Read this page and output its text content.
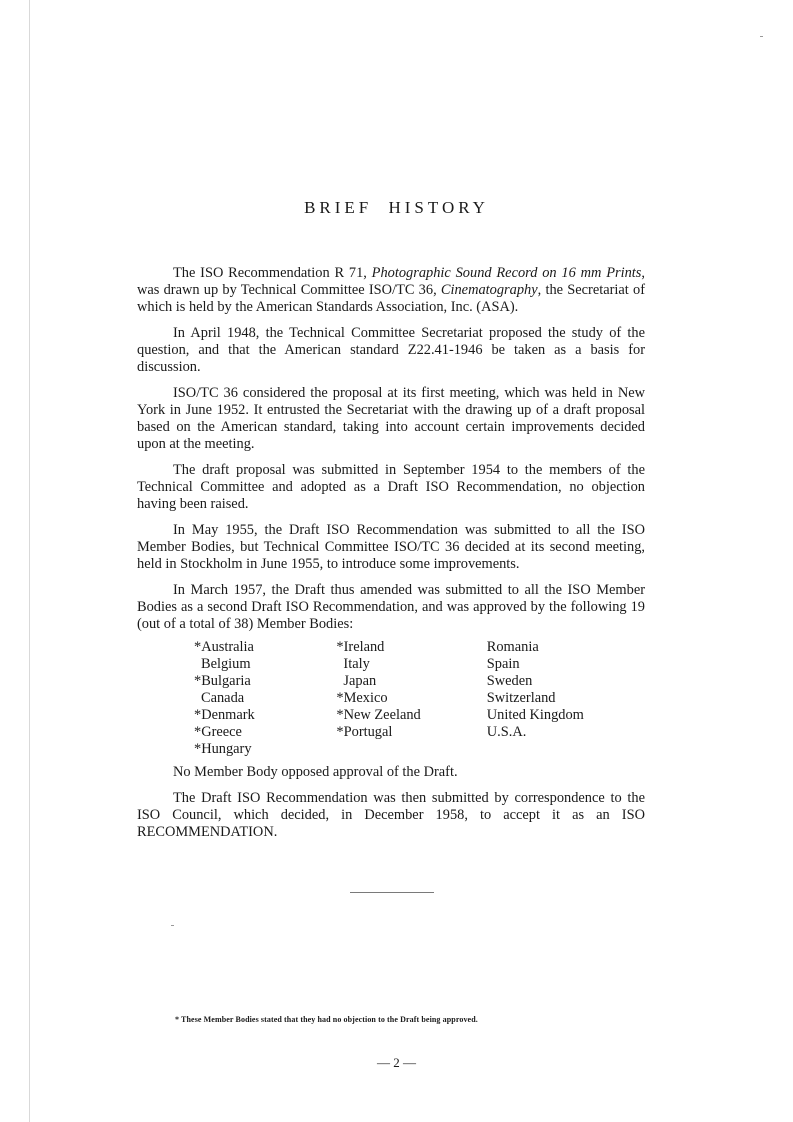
BRIEF HISTORY

The ISO Recommendation R 71, Photographic Sound Record on 16 mm Prints, was drawn up by Technical Committee ISO/TC 36, Cinematography, the Secretariat of which is held by the American Standards Association, Inc. (ASA).

In April 1948, the Technical Committee Secretariat proposed the study of the question, and that the American standard Z22.41-1946 be taken as a basis for discussion.

ISO/TC 36 considered the proposal at its first meeting, which was held in New York in June 1952. It entrusted the Secretariat with the drawing up of a draft proposal based on the American standard, taking into account certain improvements decided upon at the meeting.

The draft proposal was submitted in September 1954 to the members of the Technical Committee and adopted as a Draft ISO Recommendation, no objection having been raised.

In May 1955, the Draft ISO Recommendation was submitted to all the ISO Member Bodies, but Technical Committee ISO/TC 36 decided at its second meeting, held in Stockholm in June 1955, to introduce some improvements.

In March 1957, the Draft thus amended was submitted to all the ISO Member Bodies as a second Draft ISO Recommendation, and was approved by the following 19 (out of a total of 38) Member Bodies:

*Australia
Belgium
*Bulgaria
Canada
*Denmark
*Greece
*Hungary
*Ireland
Italy
Japan
*Mexico
*New Zeeland
*Portugal
Romania
Spain
Sweden
Switzerland
United Kingdom
U.S.A.

No Member Body opposed approval of the Draft.

The Draft ISO Recommendation was then submitted by correspondence to the ISO Council, which decided, in December 1958, to accept it as an ISO RECOMMENDATION.

* These Member Bodies stated that they had no objection to the Draft being approved.
— 2 —
